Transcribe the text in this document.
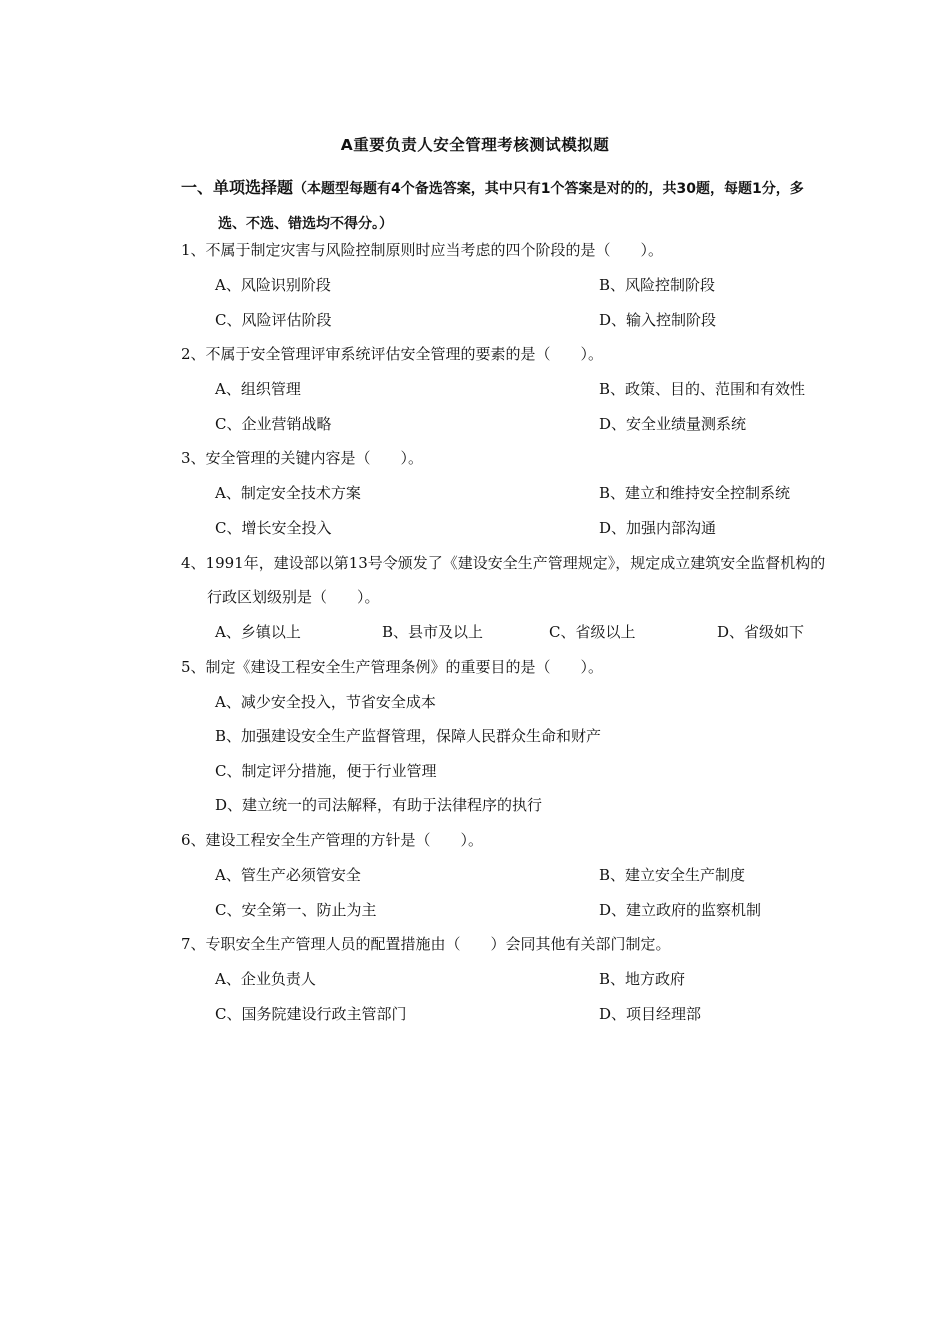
A重要负责人安全管理考核测试模拟题
一、单项选择题（本题型每题有4个备选答案，其中只有1个答案是对的的，共30题，每题1分，多
选、不选、错选均不得分。）
1、不属于制定灾害与风险控制原则时应当考虑的四个阶段的是（　　）。
A、风险识别阶段	B、风险控制阶段
C、风险评估阶段	D、输入控制阶段
2、不属于安全管理评审系统评估安全管理的要素的是（　　）。
A、组织管理	B、政策、目的、范围和有效性
C、企业营销战略	D、安全业绩量测系统
3、安全管理的关键内容是（　　）。
A、制定安全技术方案	B、建立和维持安全控制系统
C、增长安全投入	D、加强内部沟通
4、1991年，建设部以第13号令颁发了《建设安全生产管理规定》，规定成立建筑安全监督机构的
行政区划级别是（　　）。
A、乡镇以上	B、县市及以上	C、省级以上	D、省级如下
5、制定《建设工程安全生产管理条例》的重要目的是（　　）。
A、减少安全投入，节省安全成本
B、加强建设安全生产监督管理，保障人民群众生命和财产
C、制定评分措施，便于行业管理
D、建立统一的司法解释，有助于法律程序的执行
6、建设工程安全生产管理的方针是（　　）。
A、管生产必须管安全	B、建立安全生产制度
C、安全第一、防止为主	D、建立政府的监察机制
7、专职安全生产管理人员的配置措施由（　　）会同其他有关部门制定。
A、企业负责人	B、地方政府
C、国务院建设行政主管部门	D、项目经理部
